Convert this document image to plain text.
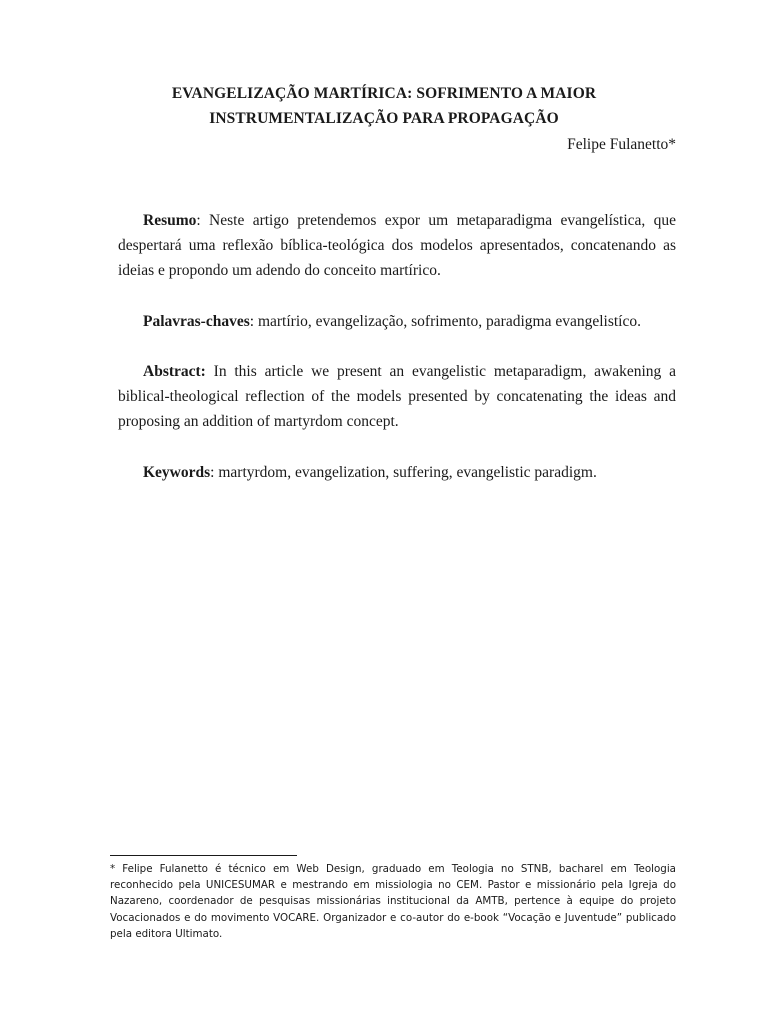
EVANGELIZAÇÃO MARTÍRICA: SOFRIMENTO A MAIOR
INSTRUMENTALIZAÇÃO PARA PROPAGAÇÃO
Felipe Fulanetto*
Resumo: Neste artigo pretendemos expor um metaparadigma evangelística, que despertará uma reflexão bíblica-teológica dos modelos apresentados, concatenando as ideias e propondo um adendo do conceito martírico.
Palavras-chaves: martírio, evangelização, sofrimento, paradigma evangelistíco.
Abstract: In this article we present an evangelistic metaparadigm, awakening a biblical-theological reflection of the models presented by concatenating the ideas and proposing an addition of martyrdom concept.
Keywords: martyrdom, evangelization, suffering, evangelistic paradigm.
* Felipe Fulanetto é técnico em Web Design, graduado em Teologia no STNB, bacharel em Teologia reconhecido pela UNICESUMAR e mestrando em missiologia no CEM. Pastor e missionário pela Igreja do Nazareno, coordenador de pesquisas missionárias institucional da AMTB, pertence à equipe do projeto Vocacionados e do movimento VOCARE. Organizador e co-autor do e-book “Vocação e Juventude” publicado pela editora Ultimato.
